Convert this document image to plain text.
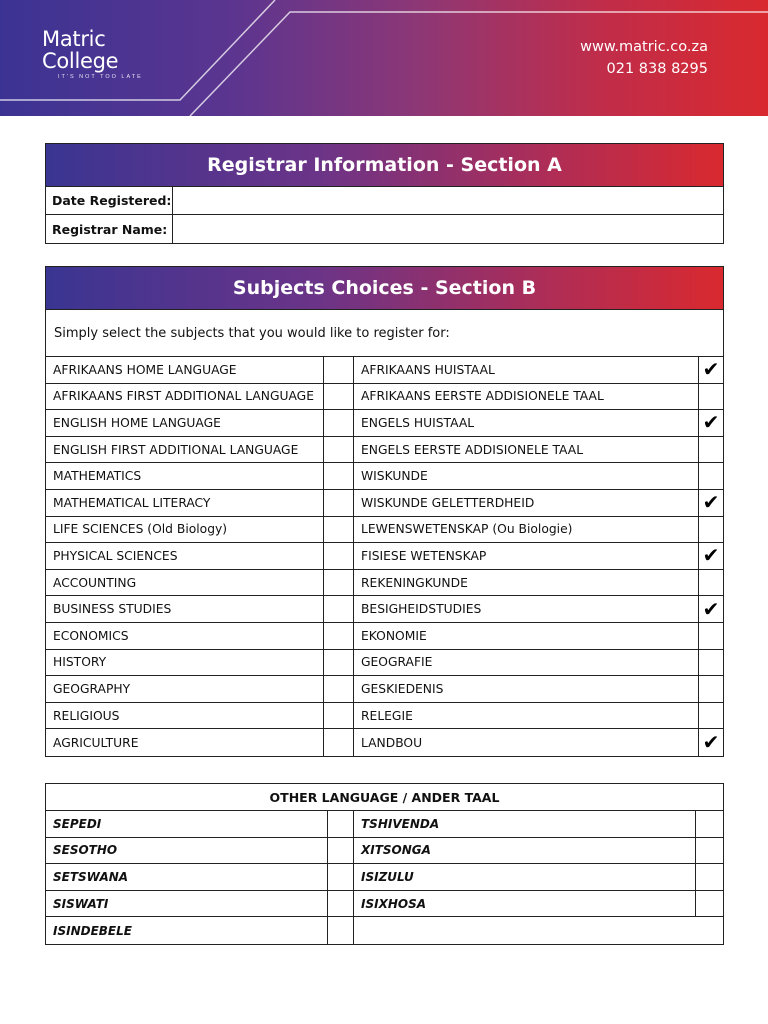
Matric
College
IT'S NOT TOO LATE
www.matric.co.za
021 838 8295
Registrar Information - Section A
Date Registered:
Registrar Name:
Subjects Choices - Section B
Simply select the subjects that you would like to register for:
AFRIKAANS HOME LANGUAGE	AFRIKAANS HUISTAAL	✔
AFRIKAANS FIRST ADDITIONAL LANGUAGE	AFRIKAANS EERSTE ADDISIONELE TAAL
ENGLISH HOME LANGUAGE	ENGELS HUISTAAL	✔
ENGLISH FIRST ADDITIONAL LANGUAGE	ENGELS EERSTE ADDISIONELE TAAL
MATHEMATICS	WISKUNDE
MATHEMATICAL LITERACY	WISKUNDE GELETTERDHEID	✔
LIFE SCIENCES (Old Biology)	LEWENSWETENSKAP (Ou Biologie)
PHYSICAL SCIENCES	FISIESE WETENSKAP	✔
ACCOUNTING	REKENINGKUNDE
BUSINESS STUDIES	BESIGHEIDSTUDIES	✔
ECONOMICS	EKONOMIE
HISTORY	GEOGRAFIE
GEOGRAPHY	GESKIEDENIS
RELIGIOUS	RELEGIE
AGRICULTURE	LANDBOU	✔
OTHER LANGUAGE / ANDER TAAL
SEPEDI	TSHIVENDA
SESOTHO	XITSONGA
SETSWANA	ISIZULU
SISWATI	ISIXHOSA
ISINDEBELE
